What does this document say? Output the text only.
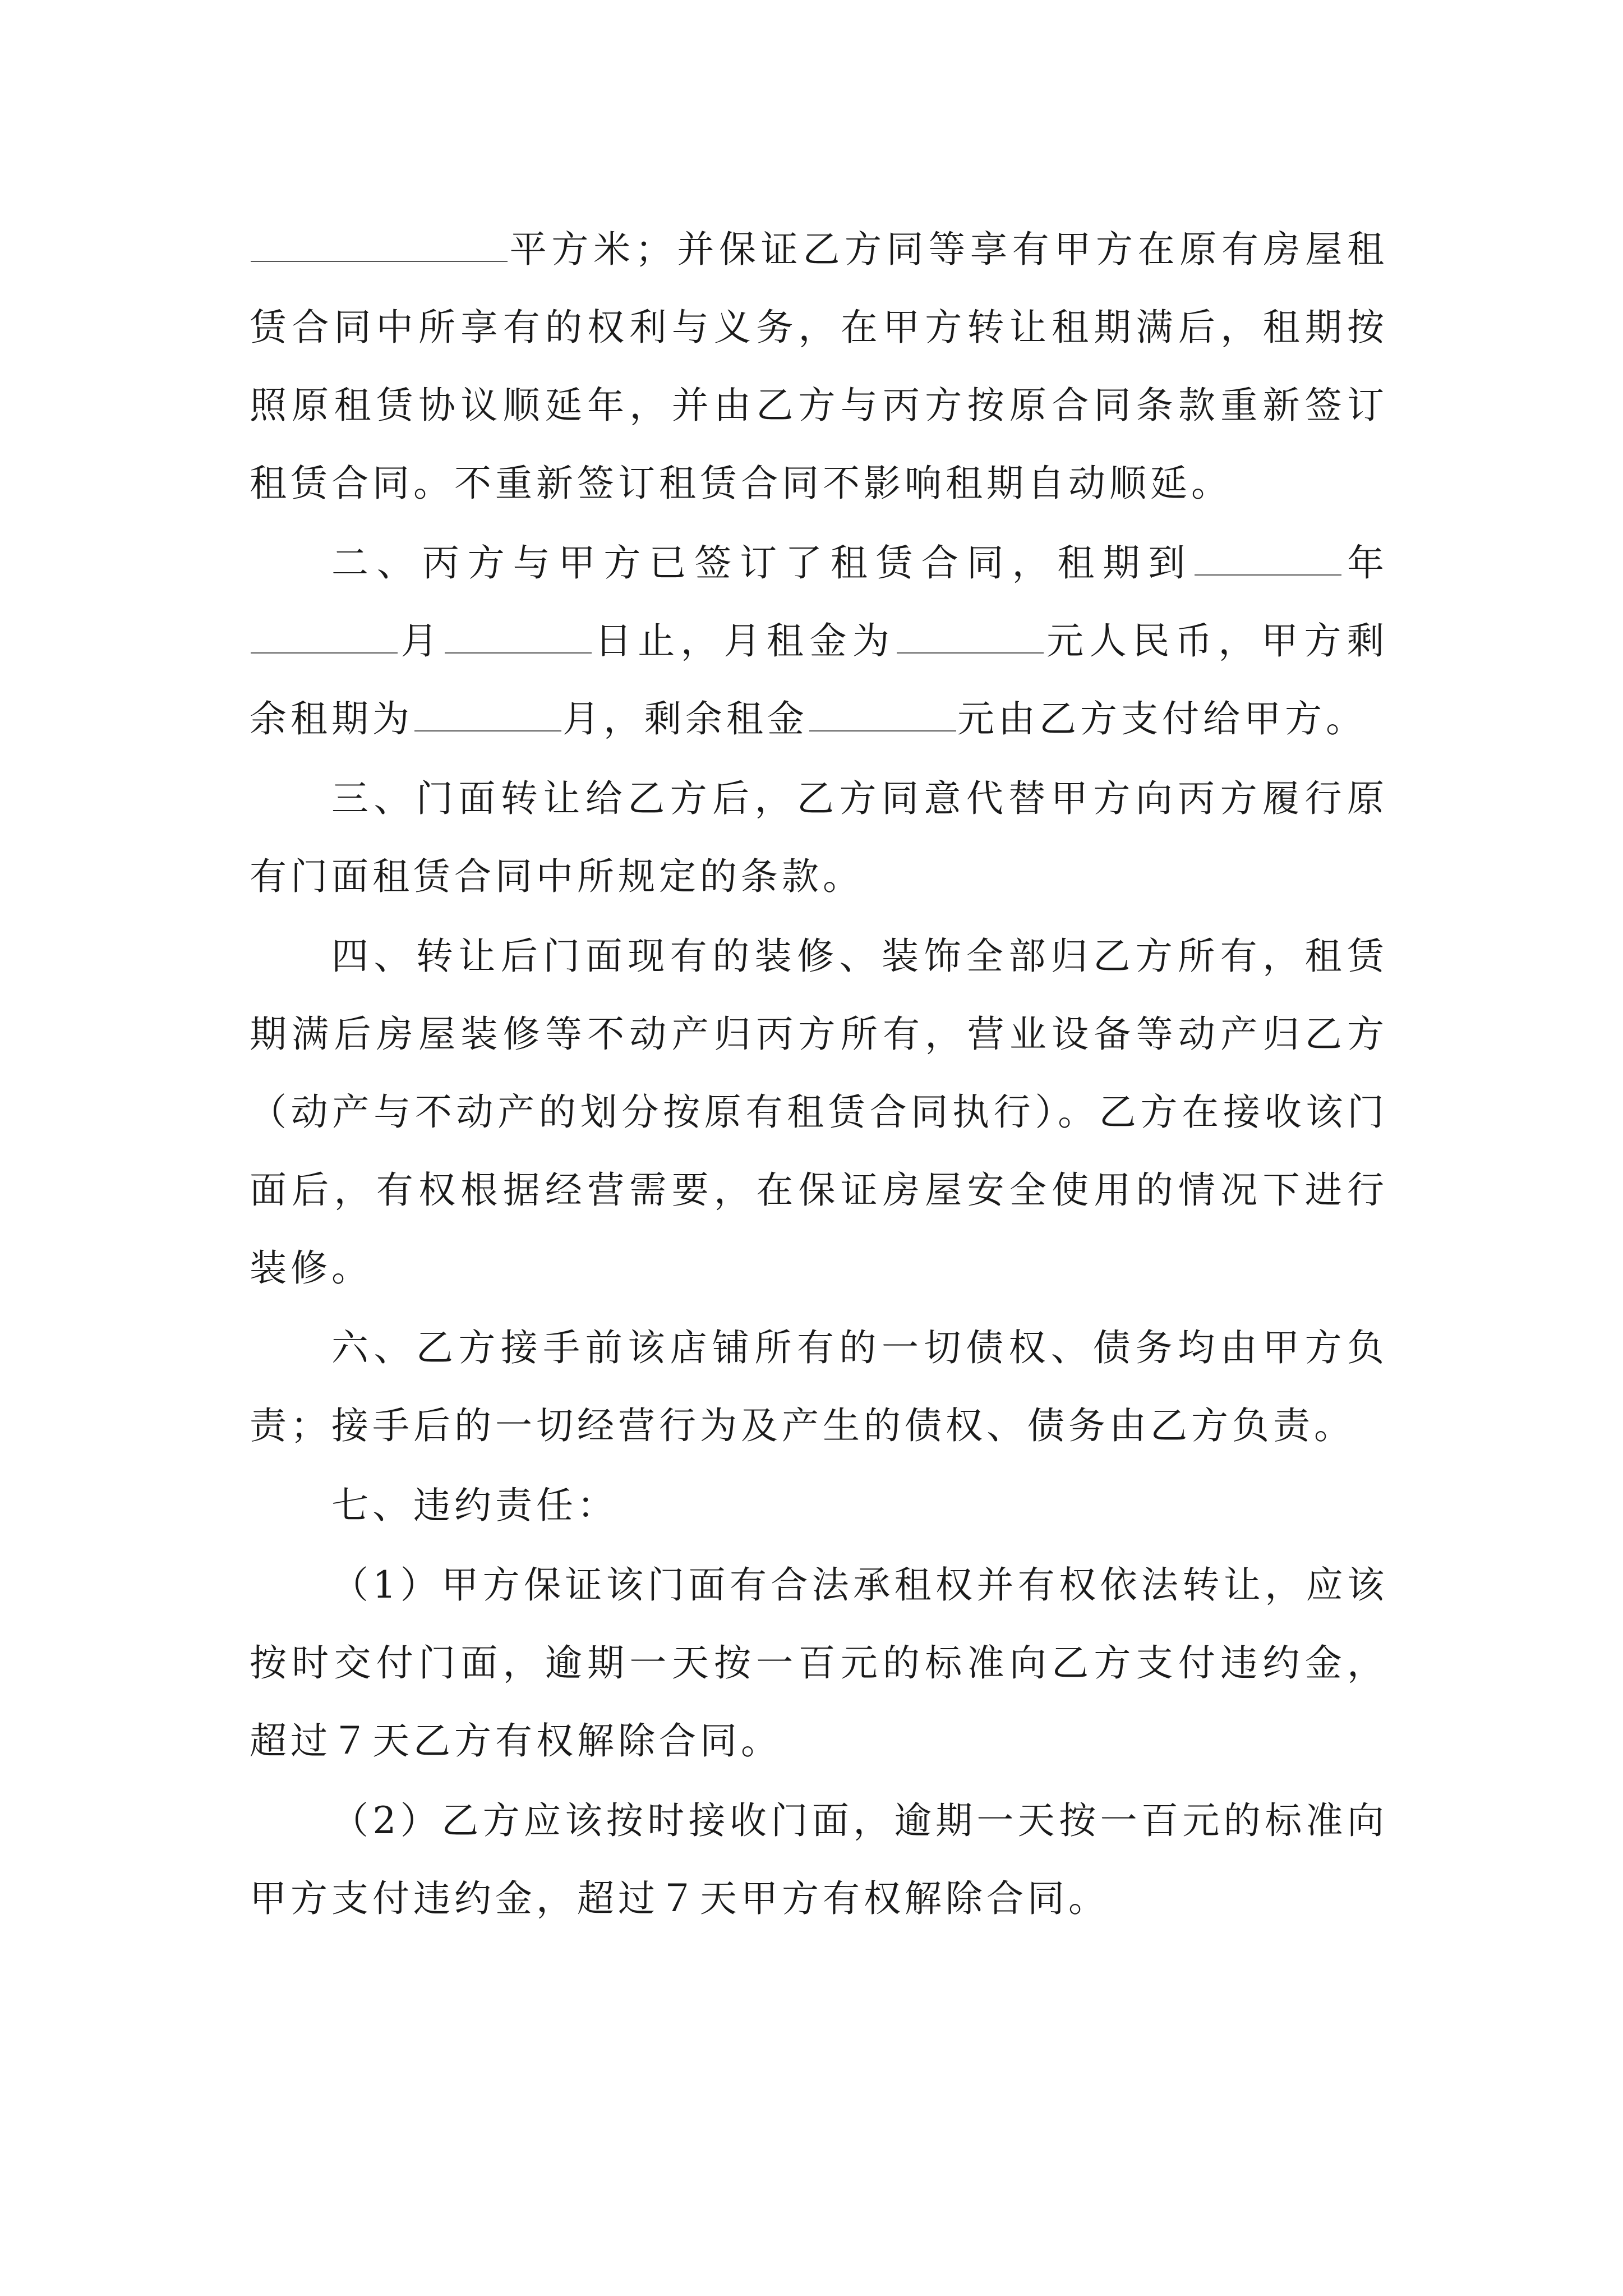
平方米；并保证乙方同等享有甲方在原有房屋租赁合同中所享有的权利与义务，在甲方转让租期满后，租期按照原租赁协议顺延年，并由乙方与丙方按原合同条款重新签订租赁合同。不重新签订租赁合同不影响租期自动顺延。

二、丙方与甲方已签订了租赁合同，租期到	年月	日止，月租金为	元人民币，甲方剩余租期为	月，剩余租金	元由乙方支付给甲方。

三、门面转让给乙方后，乙方同意代替甲方向丙方履行原有门面租赁合同中所规定的条款。

四、转让后门面现有的装修、装饰全部归乙方所有，租赁期满后房屋装修等不动产归丙方所有，营业设备等动产归乙方（动产与不动产的划分按原有租赁合同执行）。乙方在接收该门面后，有权根据经营需要，在保证房屋安全使用的情况下进行装修。

六、乙方接手前该店铺所有的一切债权、债务均由甲方负责；接手后的一切经营行为及产生的债权、债务由乙方负责。

七、违约责任：

（1）甲方保证该门面有合法承租权并有权依法转让，应该按时交付门面，逾期一天按一百元的标准向乙方支付违约金，超过７天乙方有权解除合同。

（2）乙方应该按时接收门面，逾期一天按一百元的标准向甲方支付违约金，超过７天甲方有权解除合同。
